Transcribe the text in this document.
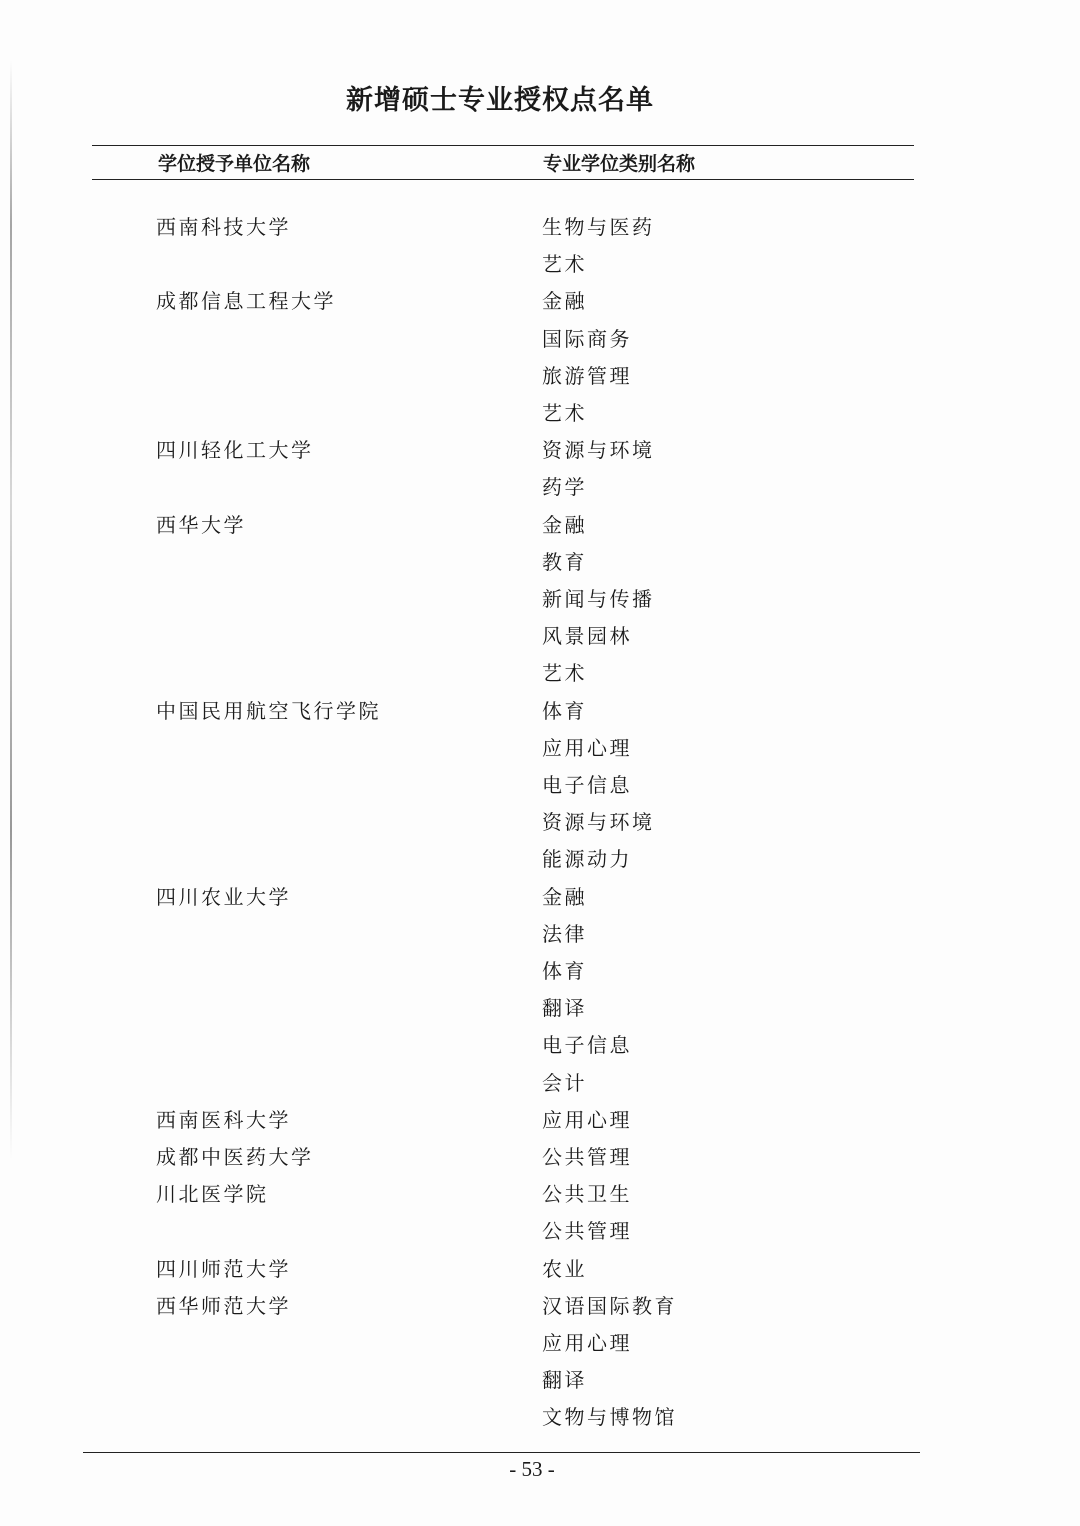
新增硕士专业授权点名单
学位授予单位名称	专业学位类别名称
西南科技大学	生物与医药
艺术
成都信息工程大学	金融
国际商务
旅游管理
艺术
四川轻化工大学	资源与环境
药学
西华大学	金融
教育
新闻与传播
风景园林
艺术
中国民用航空飞行学院	体育
应用心理
电子信息
资源与环境
能源动力
四川农业大学	金融
法律
体育
翻译
电子信息
会计
西南医科大学	应用心理
成都中医药大学	公共管理
川北医学院	公共卫生
公共管理
四川师范大学	农业
西华师范大学	汉语国际教育
应用心理
翻译
文物与博物馆
- 53 -
